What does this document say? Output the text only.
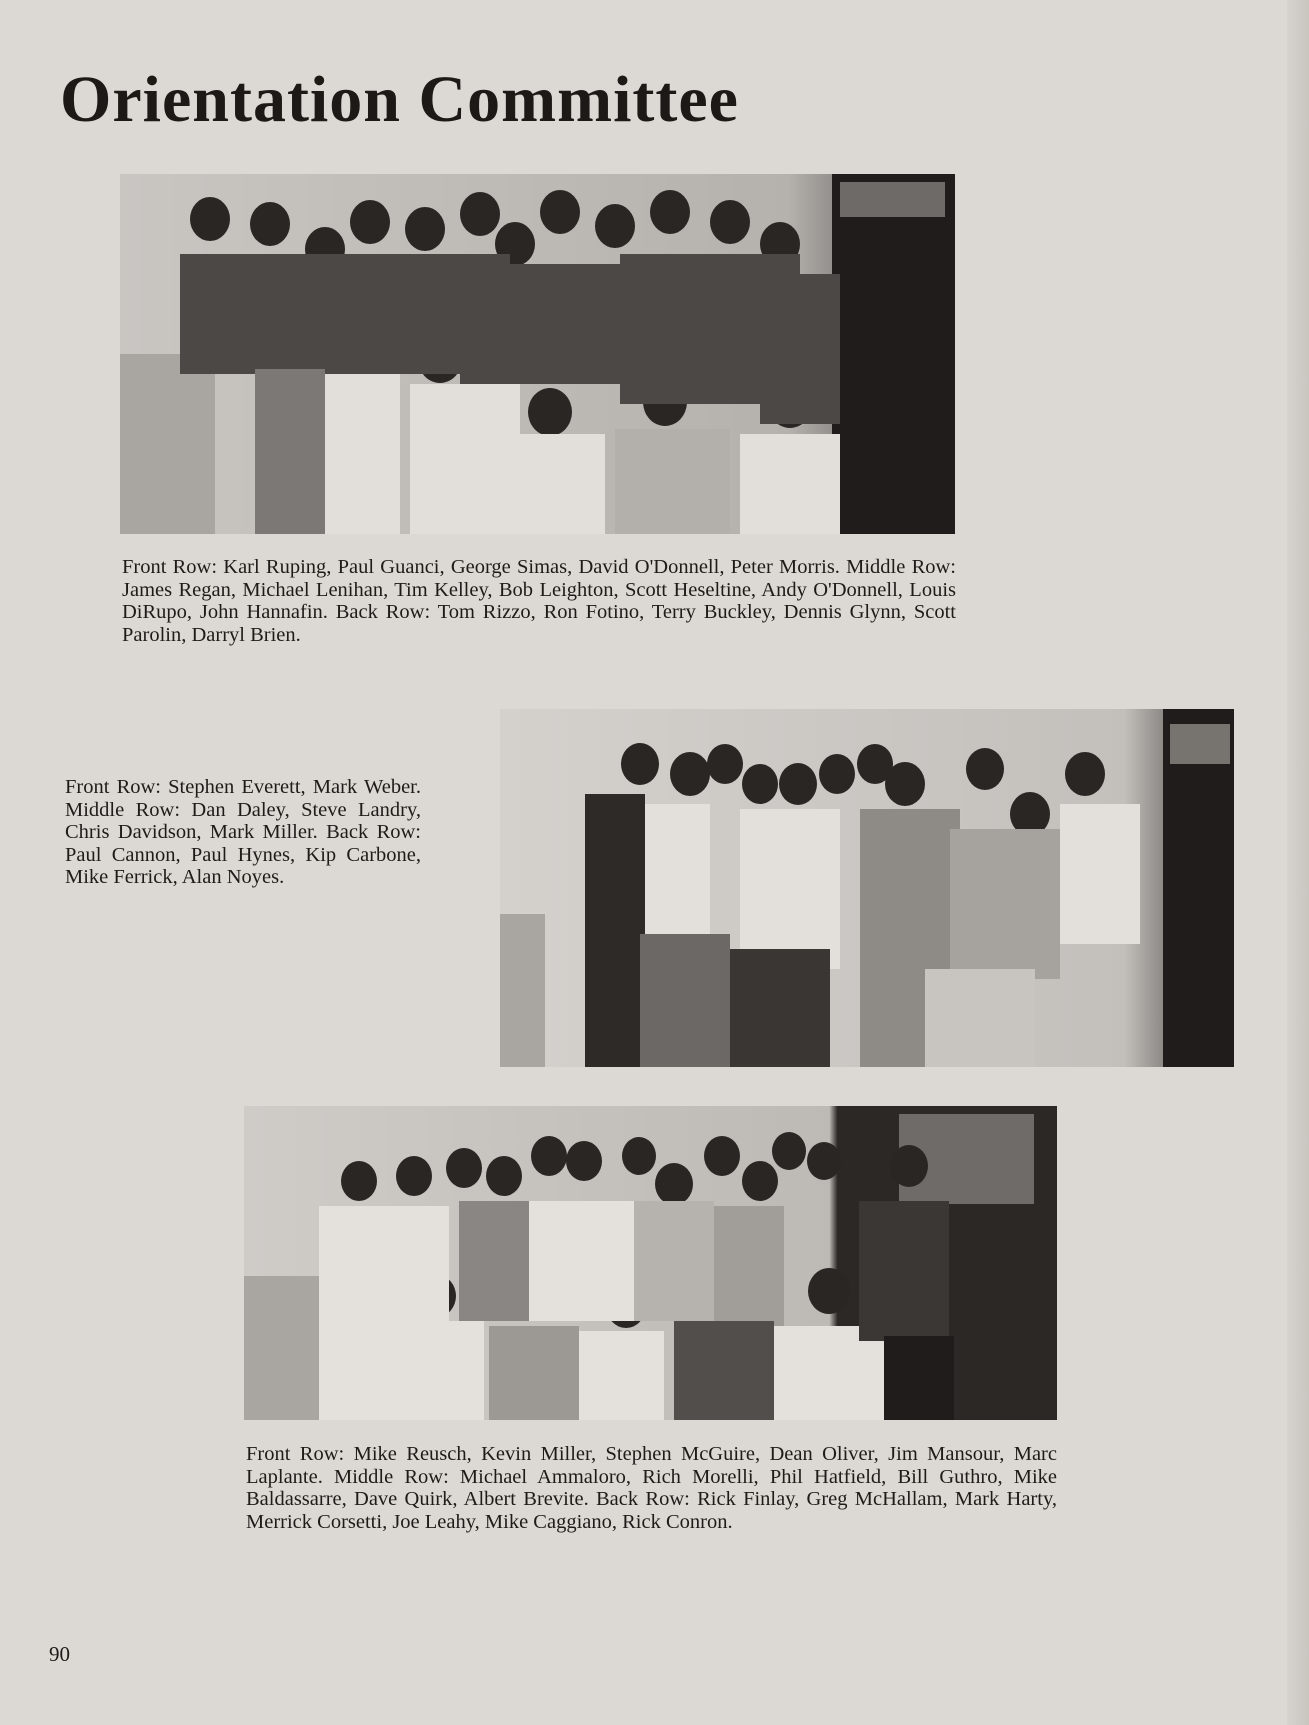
Orientation Committee

Front Row: Karl Ruping, Paul Guanci, George Simas, David O'Donnell, Peter Morris. Middle Row: James Regan, Michael Lenihan, Tim Kelley, Bob Leighton, Scott Heseltine, Andy O'Donnell, Louis DiRupo, John Hannafin. Back Row: Tom Rizzo, Ron Fotino, Terry Buckley, Dennis Glynn, Scott Parolin, Darryl Brien.

Front Row: Stephen Everett, Mark Weber. Middle Row: Dan Daley, Steve Landry, Chris Davidson, Mark Miller. Back Row: Paul Cannon, Paul Hynes, Kip Carbone, Mike Ferrick, Alan Noyes.

Front Row: Mike Reusch, Kevin Miller, Stephen McGuire, Dean Oliver, Jim Mansour, Marc Laplante. Middle Row: Michael Ammaloro, Rich Morelli, Phil Hatfield, Bill Guthro, Mike Baldassarre, Dave Quirk, Albert Brevite. Back Row: Rick Finlay, Greg McHallam, Mark Harty, Merrick Corsetti, Joe Leahy, Mike Caggiano, Rick Conron.

90
